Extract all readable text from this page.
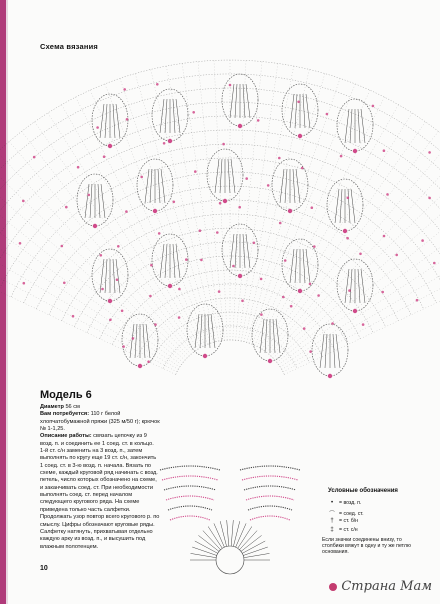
Схема вязания
Модель 6

Диаметр 56 см

Вам потребуется: 110 г белой хлопчатобумажной пряжи (325 м/50 г); крючок № 1-1,25.

Описание работы: связать цепочку из 9 возд. п. и соединить ее 1 соед. ст. в кольцо. 1-й ст. с/н заменить на 3 возд. п., затем выполнять по кругу еще 19 ст. с/н, закончить 1 соед. ст. в 3-ю возд. п. начала. Вязать по схеме, каждый круговой ряд начинать с возд. петель, число которых обозначено на схеме, и заканчивать соед. ст. При необходимости выполнять соед. ст. перед началом следующего кругового ряда. На схеме приведена только часть салфетки. Продолжать узор повтор всего кругового р. по смыслу. Цифры обозначают круговые ряды. Салфетку натянуть, прихватывая отдельно каждую арку из возд. п., и высушить под влажным полотенцем.

Условные обозначения
•	= возд. п.
⌒ = соед. ст.
†	= ст. б/н
‡	= ст. с/н
Если значки соединены внизу, то столбики вяжут в одну и ту же петлю основания.
10
Страна Мам
